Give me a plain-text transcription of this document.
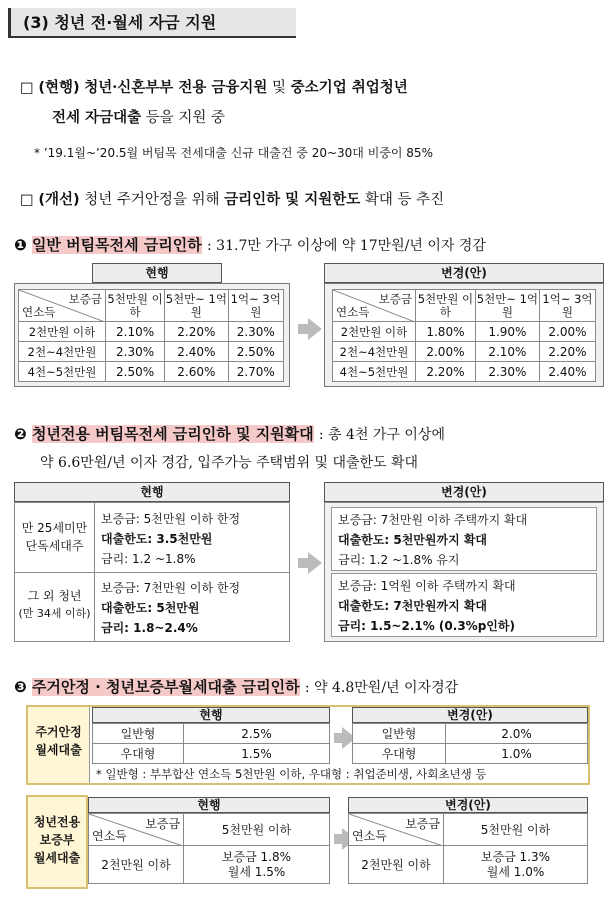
(3) 청년 전·월세 자금 지원
□ (현행) 청년·신혼부부 전용 금융지원 및 중소기업 취업청년
전세 자금대출 등을 지원 중
* ’19.1월~’20.5월 버팀목 전세대출 신규 대출건 중 20~30대 비중이 85%
□ (개선) 청년 주거안정을 위해 금리인하 및 지원한도 확대 등 추진
❶ 일반 버팀목전세 금리인하 : 31.7만 가구 이상에 약 17만원/년 이자 경감
현행
보증금
연소득	5천만원 이하	5천만~ 1억원	1억~ 3억원
2천만원 이하	2.10%	2.20%	2.30%
2천~4천만원	2.30%	2.40%	2.50%
4천~5천만원	2.50%	2.60%	2.70%
변경(안)
보증금
연소득	5천만원 이하	5천만~ 1억원	1억~ 3억원
2천만원 이하	1.80%	1.90%	2.00%
2천~4천만원	2.00%	2.10%	2.20%
4천~5천만원	2.20%	2.30%	2.40%
❷ 청년전용 버팀목전세 금리인하 및 지원확대 : 총 4천 가구 이상에
약 6.6만원/년 이자 경감, 입주가능 주택범위 및 대출한도 확대
현행
만 25세미만
단독세대주
보증금: 5천만원 이하 한정
대출한도: 3.5천만원
금리: 1.2 ~1.8%
그 외 청년
(만 34세 이하)
보증금: 7천만원 이하 한정
대출한도: 5천만원
금리: 1.8~2.4%
변경(안)
보증금: 7천만원 이하 주택까지 확대
대출한도: 5천만원까지 확대
금리: 1.2 ~1.8% 유지
보증금: 1억원 이하 주택까지 확대
대출한도: 7천만원까지 확대
금리: 1.5~2.1% (0.3%p인하)
❸ 주거안정 · 청년보증부월세대출 금리인하 : 약 4.8만원/년 이자경감
주거안정 월세대출
현행
일반형	2.5%
우대형	1.5%
변경(안)
일반형	2.0%
우대형	1.0%
* 일반형 : 부부합산 연소득 5천만원 이하, 우대형 : 취업준비생, 사회초년생 등
청년전용 보증부 월세대출
현행
보증금
연소득	5천만원 이하
2천만원 이하	보증금 1.8%
월세 1.5%
변경(안)
보증금
연소득	5천만원 이하
2천만원 이하	보증금 1.3%
월세 1.0%
